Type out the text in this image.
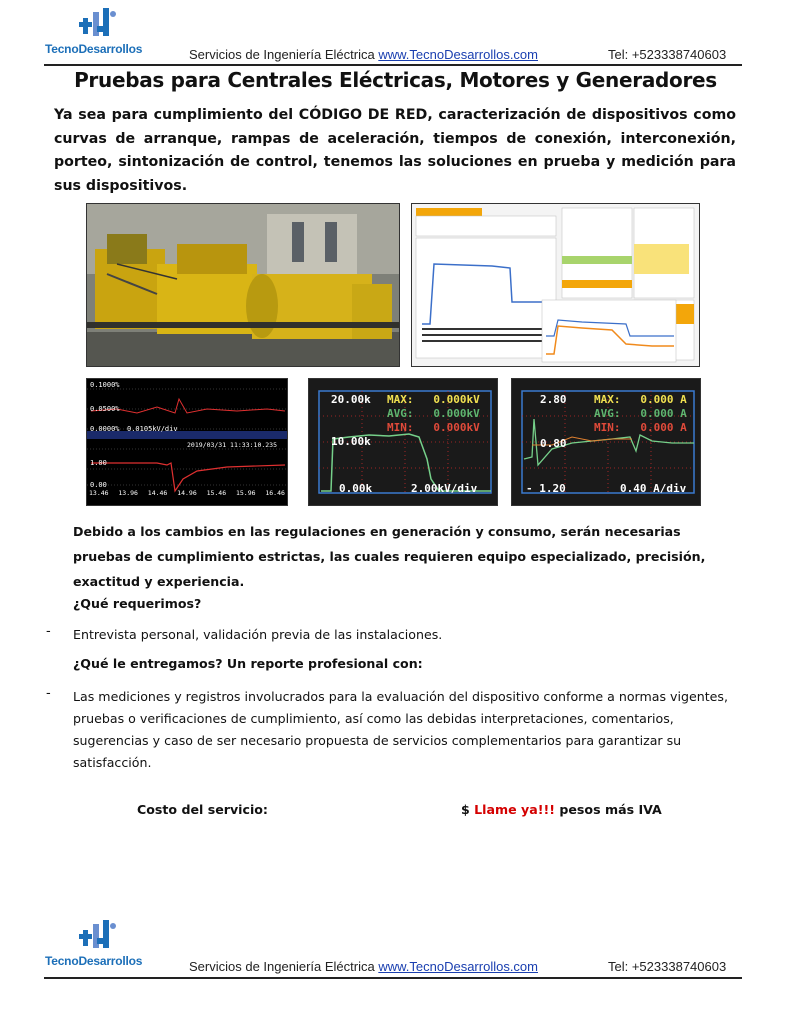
TecnoDesarrollos	Servicios de Ingeniería Eléctrica www.TecnoDesarrollos.com	Tel: +523338740603
Pruebas para Centrales Eléctricas, Motores y Generadores
Ya sea para cumplimiento del CÓDIGO DE RED, caracterización de dispositivos como curvas de arranque, rampas de aceleración, tiempos de conexión, interconexión, porteo, sintonización de control, tenemos las soluciones en prueba y medición para sus dispositivos.
0.1000%
0.0500%
0.0000% 0.0105kV/div
2019/03/31 11:33:10.235
1.00
0.00
13.46 13.96 14.46 14.96 15.46 15.96 16.46
20.00k MAX:   0.000kV
AVG:   0.000kV
MIN:   0.000kV
10.00k
0.00k	2.00kV/div
2.80	MAX:   0.000 A
AVG:   0.000 A
MIN:   0.000 A
0.80
- 1.20	0.40 A/div
Debido a los cambios en las regulaciones en generación y consumo, serán necesarias pruebas de cumplimiento estrictas, las cuales requieren equipo especializado, precisión, exactitud y experiencia.
¿Qué requerimos?
- Entrevista personal, validación previa de las instalaciones.
¿Qué le entregamos? Un reporte profesional con:
- Las mediciones y registros involucrados para la evaluación del dispositivo conforme a normas vigentes, pruebas o verificaciones de cumplimiento, así como las debidas interpretaciones, comentarios, sugerencias y caso de ser necesario propuesta de servicios complementarios para garantizar su satisfacción.
Costo del servicio:	$ Llame ya!!! pesos más IVA
TecnoDesarrollos	Servicios de Ingeniería Eléctrica www.TecnoDesarrollos.com	Tel: +523338740603
